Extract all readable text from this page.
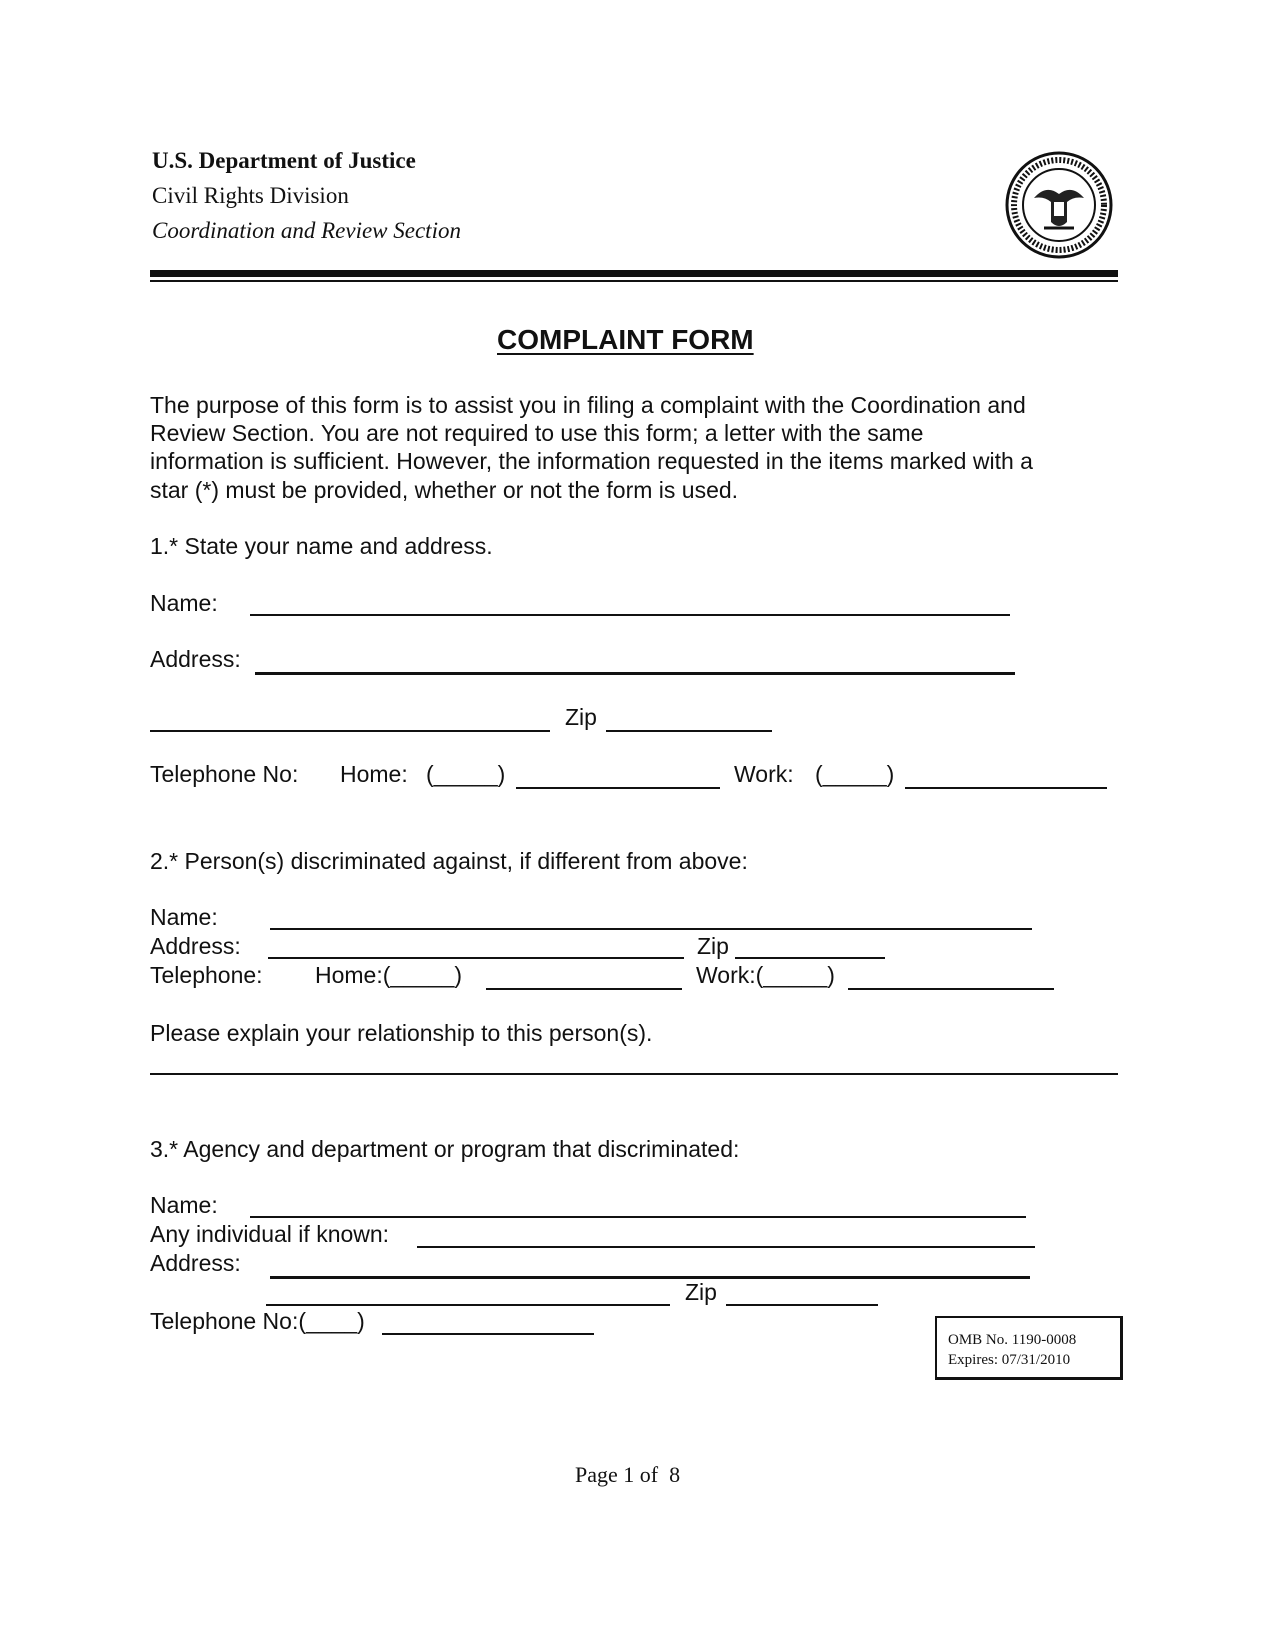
U.S. Department of Justice
Civil Rights Division
Coordination and Review Section
COMPLAINT FORM
The purpose of this form is to assist you in filing a complaint with the Coordination and
Review Section. You are not required to use this form; a letter with the same
information is sufficient. However, the information requested in the items marked with a
star (*) must be provided, whether or not the form is used.
1.* State your name and address.
Name:
Address:
Zip
Telephone No: Home: (_____)	Work: (_____)
2.* Person(s) discriminated against, if different from above:
Name:
Address:	Zip
Telephone: Home:(_____)	Work:(_____)
Please explain your relationship to this person(s).
3.* Agency and department or program that discriminated:
Name:
Any individual if known:
Address:
Zip
Telephone No:(____)
OMB No. 1190-0008
Expires: 07/31/2010
Page 1 of  8
